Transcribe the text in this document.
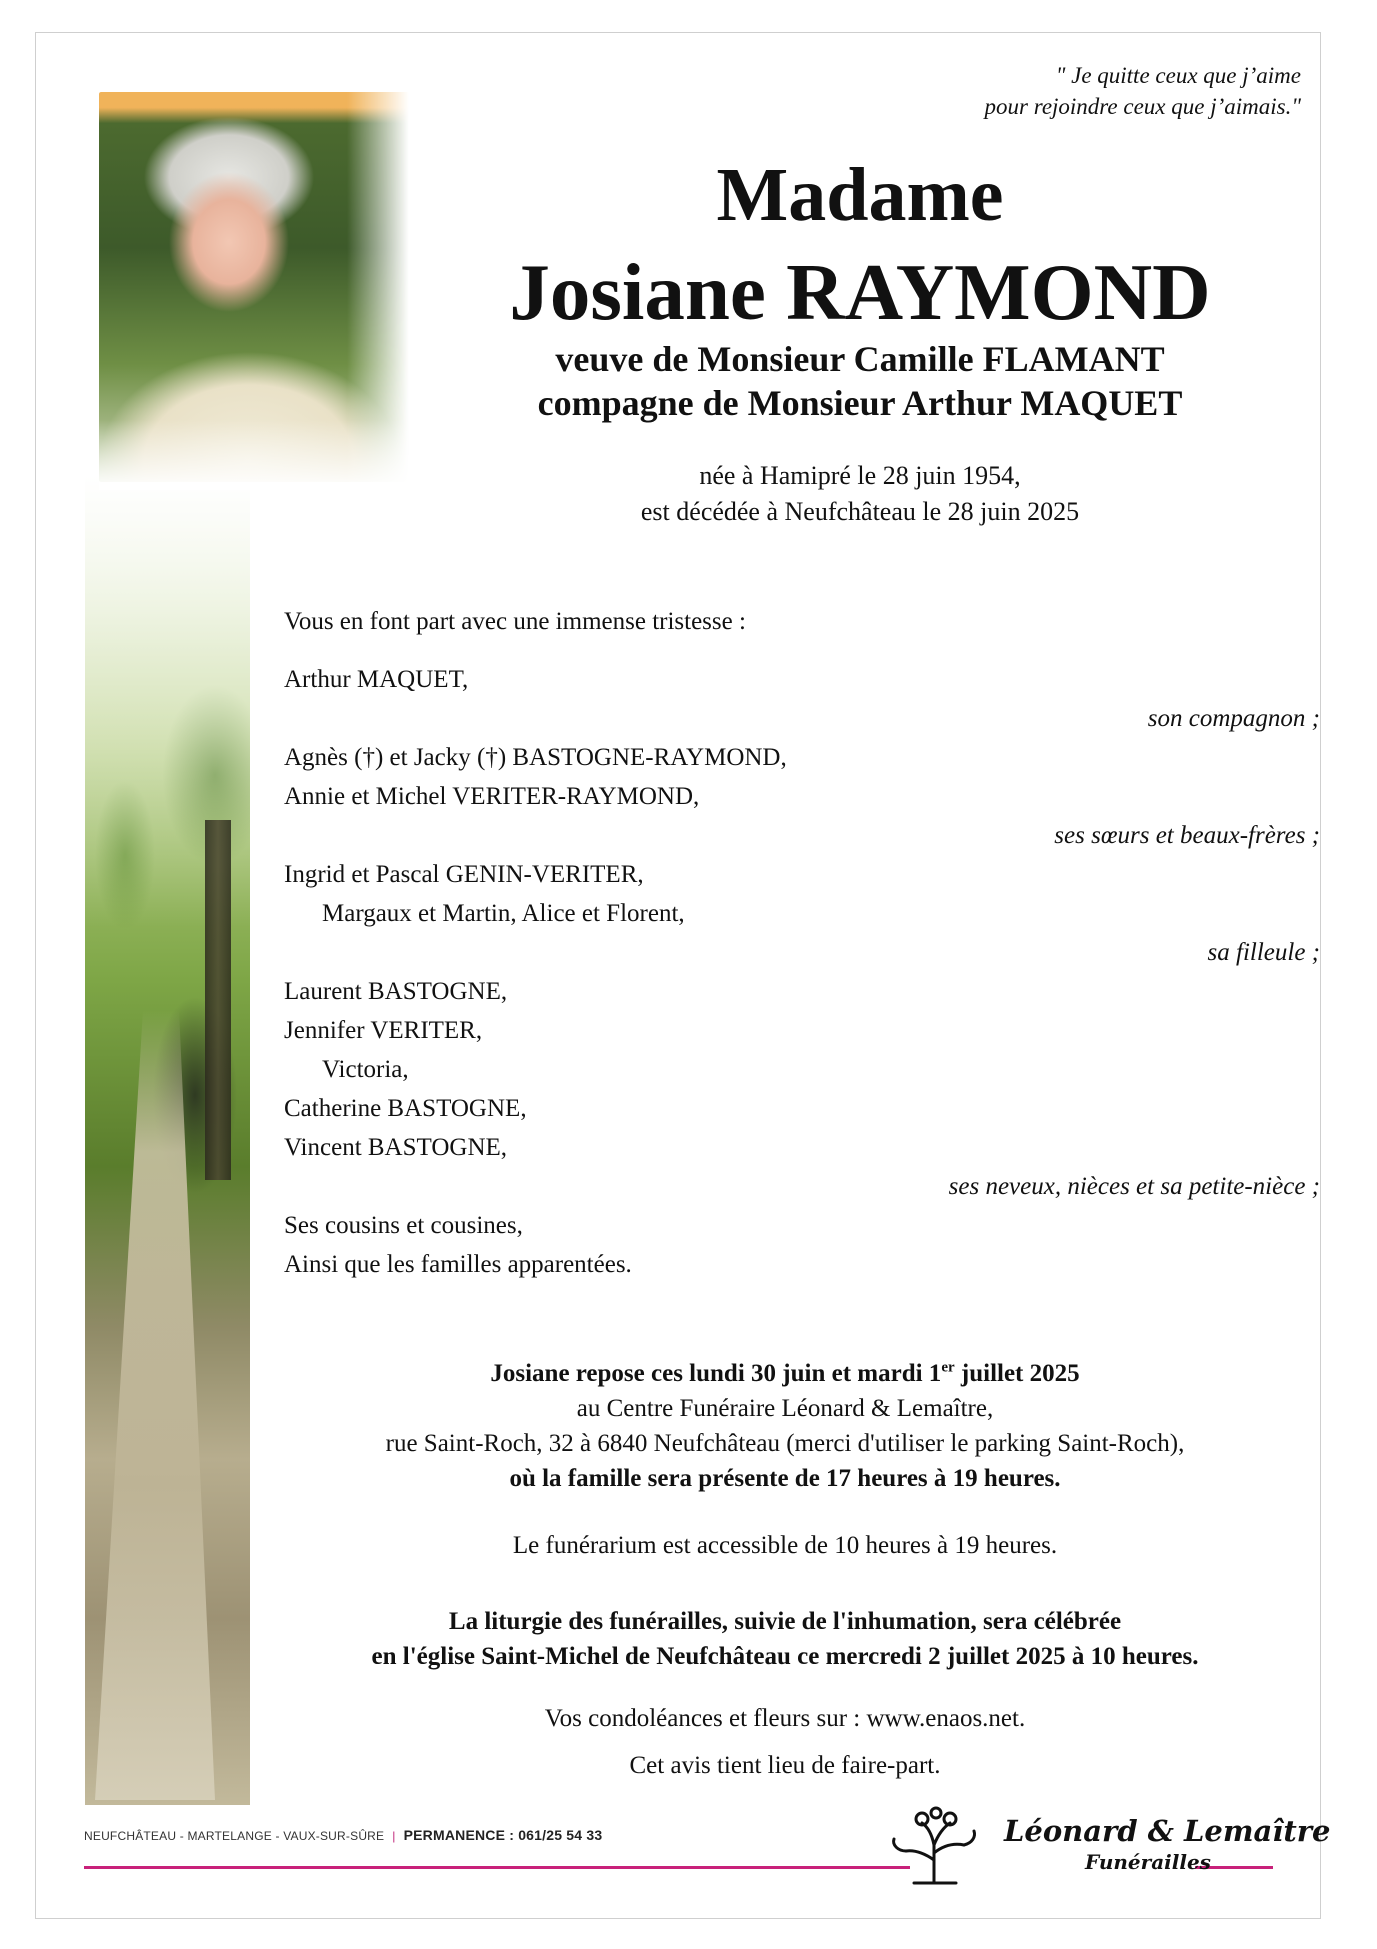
" Je quitte ceux que j’aime
pour rejoindre ceux que j’aimais."
Madame
Josiane RAYMOND
veuve de Monsieur Camille FLAMANT
compagne de Monsieur Arthur MAQUET
née à Hamipré le 28 juin 1954,
est décédée à Neufchâteau le 28 juin 2025
Vous en font part avec une immense tristesse :
Arthur MAQUET,
son compagnon ;
Agnès (†) et Jacky (†) BASTOGNE-RAYMOND,
Annie et Michel VERITER-RAYMOND,
ses sœurs et beaux-frères ;
Ingrid et Pascal GENIN-VERITER,
Margaux et Martin, Alice et Florent,
sa filleule ;
Laurent BASTOGNE,
Jennifer VERITER,
Victoria,
Catherine BASTOGNE,
Vincent BASTOGNE,
ses neveux, nièces et sa petite-nièce ;
Ses cousins et cousines,
Ainsi que les familles apparentées.
Josiane repose ces lundi 30 juin et mardi 1er juillet 2025
au Centre Funéraire Léonard & Lemaître,
rue Saint-Roch, 32 à 6840 Neufchâteau (merci d'utiliser le parking Saint-Roch),
où la famille sera présente de 17 heures à 19 heures.
Le funérarium est accessible de 10 heures à 19 heures.
La liturgie des funérailles, suivie de l'inhumation, sera célébrée
en l'église Saint-Michel de Neufchâteau ce mercredi 2 juillet 2025 à 10 heures.
Vos condoléances et fleurs sur : www.enaos.net.
Cet avis tient lieu de faire-part.
NEUFCHÂTEAU - MARTELANGE - VAUX-SUR-SÛRE | PERMANENCE : 061/25 54 33	Léonard & Lemaître
Funérailles
